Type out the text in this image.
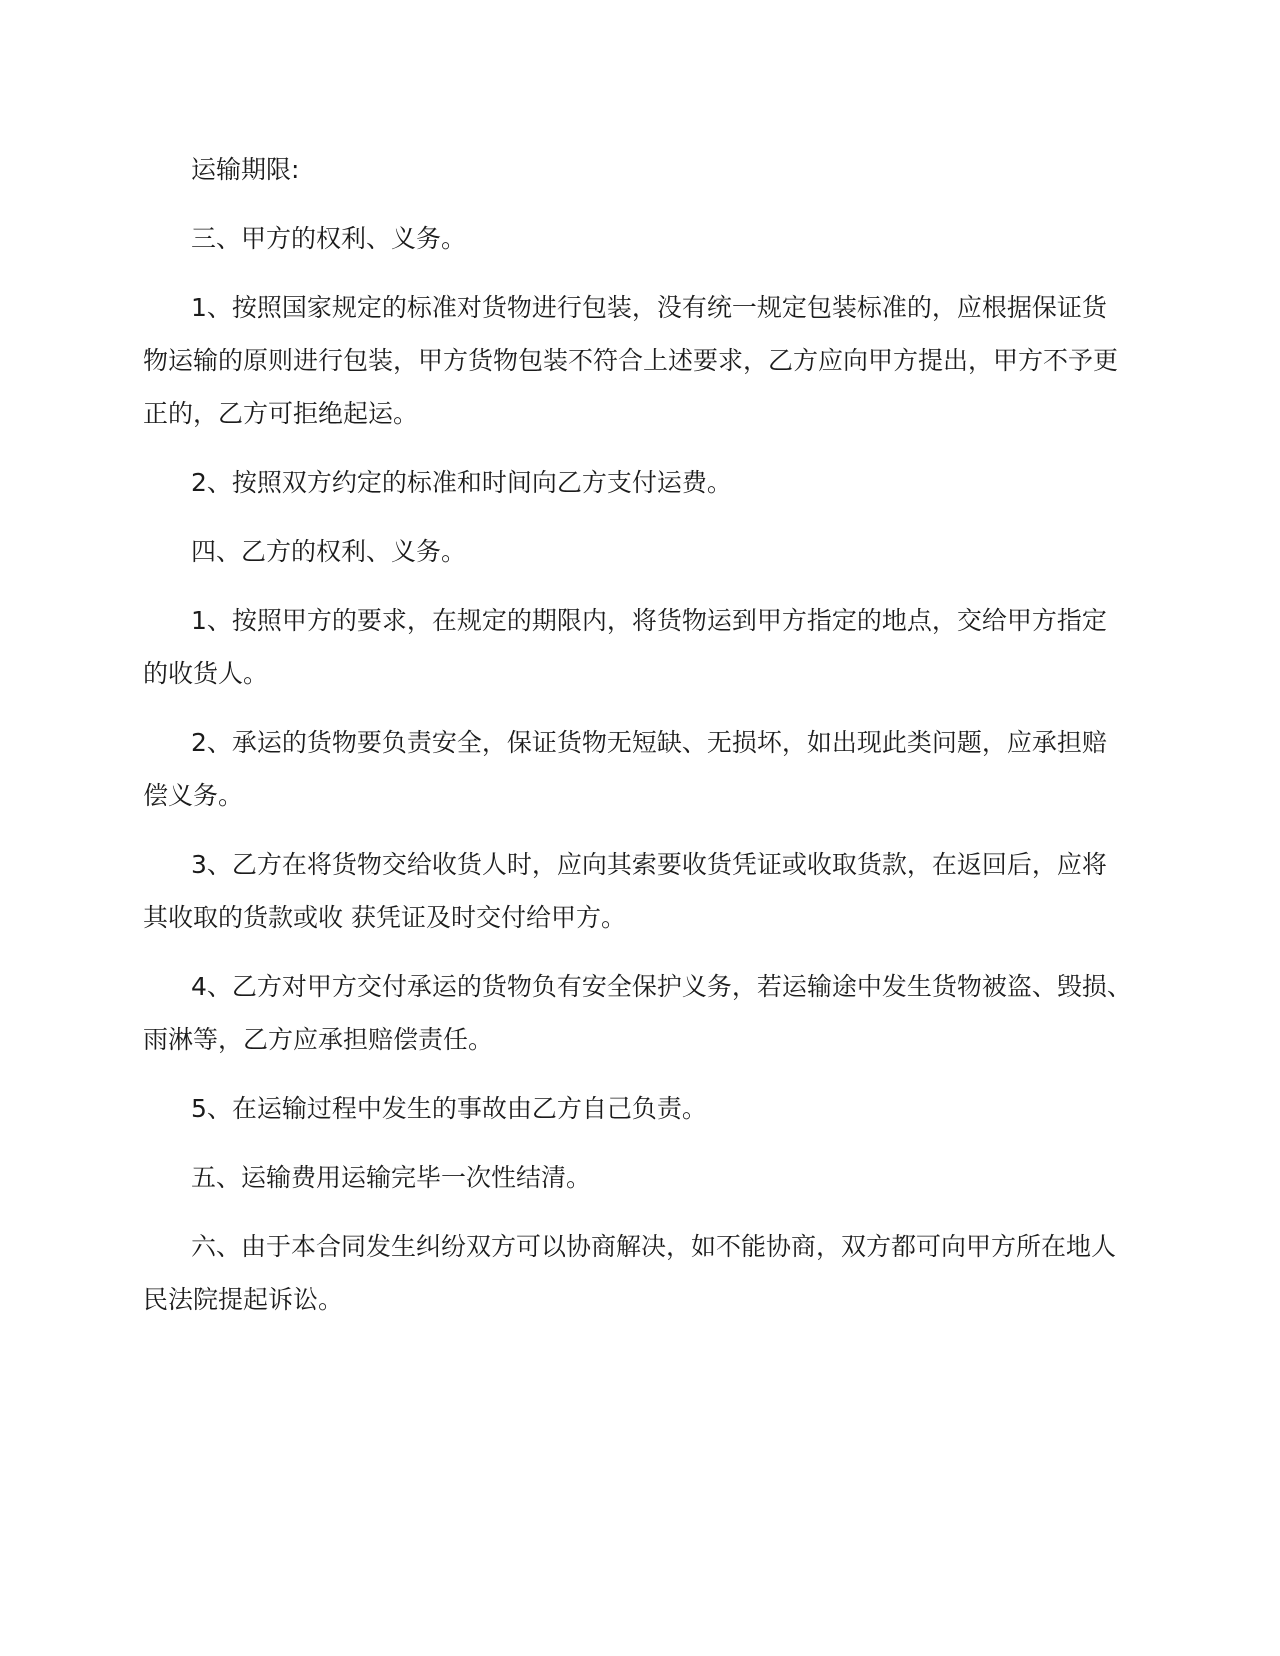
运输期限:

三、甲方的权利、义务。

1、按照国家规定的标准对货物进行包装，没有统一规定包装标准的，应根据保证货
物运输的原则进行包装，甲方货物包装不符合上述要求，乙方应向甲方提出，甲方不予更
正的，乙方可拒绝起运。

2、按照双方约定的标准和时间向乙方支付运费。

四、乙方的权利、义务。

1、按照甲方的要求，在规定的期限内，将货物运到甲方指定的地点，交给甲方指定
的收货人。

2、承运的货物要负责安全，保证货物无短缺、无损坏，如出现此类问题，应承担赔
偿义务。

3、乙方在将货物交给收货人时，应向其索要收货凭证或收取货款，在返回后，应将
其收取的货款或收 获凭证及时交付给甲方。

4、乙方对甲方交付承运的货物负有安全保护义务，若运输途中发生货物被盗、毁损、
雨淋等，乙方应承担赔偿责任。

5、在运输过程中发生的事故由乙方自己负责。

五、运输费用运输完毕一次性结清。

六、由于本合同发生纠纷双方可以协商解决，如不能协商，双方都可向甲方所在地人
民法院提起诉讼。
